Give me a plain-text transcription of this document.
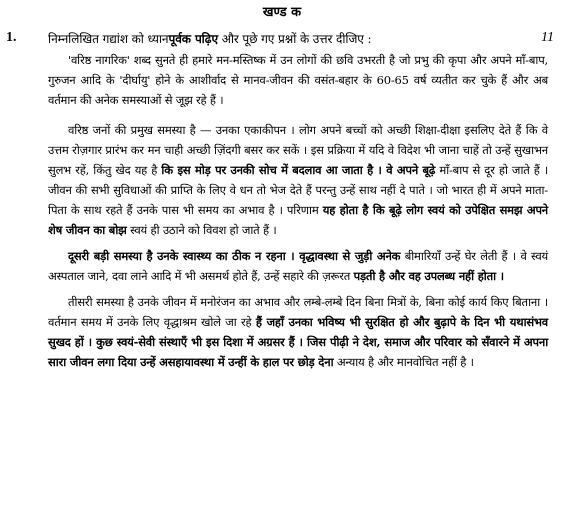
खण्ड क
1.	निम्नलिखित गद्यांश को ध्यानपूर्वक पढ़िए और पूछे गए प्रश्नों के उत्तर दीजिए :	11

'वरिष्ठ नागरिक' शब्द सुनते ही हमारे मन-मस्तिष्क में उन लोगों की छवि उभरती है जो प्रभु की कृपा और अपने माँ-बाप, गुरुजन आदि के 'दीर्घायु' होने के आशीर्वाद से मानव-जीवन की वसंत-बहार के 60-65 वर्ष व्यतीत कर चुके हैं और अब वर्तमान की अनेक समस्याओं से जूझ रहे हैं ।

वरिष्ठ जनों की प्रमुख समस्या है — उनका एकाकीपन । लोग अपने बच्चों को अच्छी शिक्षा-दीक्षा इसलिए देते हैं कि वे उत्तम रोज़गार प्रारंभ कर मन चाही अच्छी ज़िंदगी बसर कर सकें । इस प्रक्रिया में यदि वे विदेश भी जाना चाहें तो उन्हें सुखाभन सुलभ रहें, किंतु खेद यह है कि इस मोड़ पर उनकी सोच में बदलाव आ जाता है । वे अपने बूढ़े माँ-बाप से दूर हो जाते हैं । जीवन की सभी सुविधाओं की प्राप्ति के लिए वे धन तो भेज देते हैं परन्तु उन्हें साथ नहीं दे पाते । जो भारत ही में अपने माता-पिता के साथ रहते हैं उनके पास भी समय का अभाव है । परिणाम यह होता है कि बूढ़े लोग स्वयं को उपेक्षित समझ अपने शेष जीवन का बोझ स्वयं ही उठाने को विवश हो जाते हैं ।

दूसरी बड़ी समस्या है उनके स्वास्थ्य का ठीक न रहना । वृद्धावस्था से जुड़ी अनेक बीमारियाँ उन्हें घेर लेती हैं । वे स्वयं अस्पताल जाने, दवा लाने आदि में भी असमर्थ होते हैं, उन्हें सहारे की ज़रूरत पड़ती है और वह उपलब्ध नहीं होता ।

तीसरी समस्या है उनके जीवन में मनोरंजन का अभाव और लम्बे-लम्बे दिन बिना मित्रों के, बिना कोई कार्य किए बिताना । वर्तमान समय में उनके लिए वृद्धाश्रम खोले जा रहे हैं जहाँ उनका भविष्य भी सुरक्षित हो और बुढ़ापे के दिन भी यथासंभव सुखद हों । कुछ स्वयं-सेवी संस्थाएँ भी इस दिशा में अग्रसर हैं । जिस पीढ़ी ने देश, समाज और परिवार को सँवारने में अपना सारा जीवन लगा दिया उन्हें असहायावस्था में उन्हीं के हाल पर छोड़ देना अन्याय है और मानवोचित नहीं है ।
